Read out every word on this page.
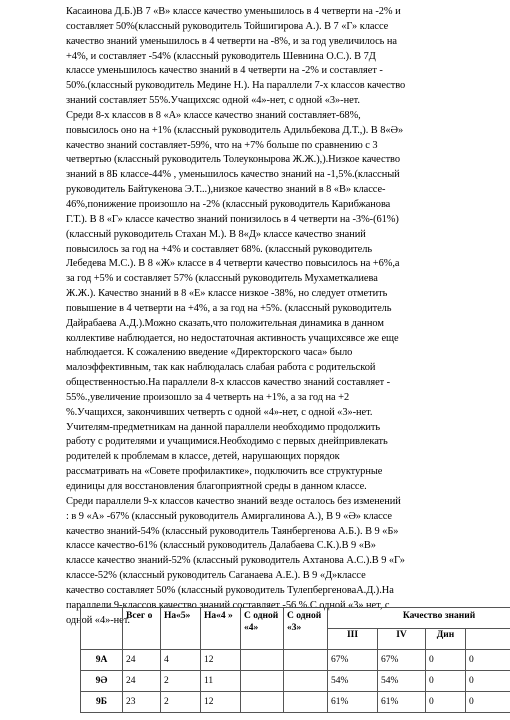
Касаинова Д.Б.)В 7 «В» классе качество уменьшилось в 4 четверти на -2% и
составляет 50%(классный руководитель Тойшигирова А.). В 7 «Г» классе
качество знаний уменьшилось в 4 четверти на -8%, и за год увеличилось на
+4%, и составляет -54% (классный руководитель Шевнина О.С.). В 7Д
классе уменьшилось качество знаний в 4 четверти на -2% и составляет -
50%.(классный руководитель Медине Н.). На параллели 7-х классов качество
знаний составляет 55%.Учащихсяс одной «4»-нет, с одной «3»-нет.
Среди 8-х классов в 8 «А» классе качество знаний составляет-68%,
повысилось оно на +1% (классный руководитель Адильбекова Д.Т.,). В 8«Ә»
качество знаний составляет-59%, что на +7% больше по сравнению с 3
четвертью (классный руководитель Толеуконырова Ж.Ж.),).Низкое качество
знаний в 8Б классе-44% , уменьшилось качество знаний на -1,5%.(классный
руководитель Байтукенова Э.Т...),низкое качество знаний в 8 «В» классе-
46%,понижение произошло на -2% (классный руководитель Карибжанова
Г.Т.). В 8 «Г» классе качество знаний понизилось в 4 четверти на -3%-(61%)
(классный руководитель Стахан М.). В 8«Д» классе качество знаний
повысилось за год на +4% и составляет 68%. (классный руководитель
Лебедева М.С.). В 8 «Ж» классе в 4 четверти качество повысилось на +6%,а
за год +5% и составляет 57% (классный руководитель Мухаметкалиева
Ж.Ж.). Качество знаний в 8 «Е» классе низкое -38%, но следует отметить
повышение в 4 четверти на +4%, а за год на +5%. (классный руководитель
Дайрабаева А.Д.).Можно сказать,что положительная динамика в данном
коллективе наблюдается, но недостаточная активность учащихсявсе же еще
наблюдается. К сожалению введение «Директорского часа» было
малоэффективным, так как наблюдалась слабая работа с родительской
общественностью.На параллели 8-х классов качество знаний составляет -
55%.,увеличение произошло за 4 четверть на +1%, а за год на +2
%.Учащихся, закончивших четверть с одной «4»-нет, с одной «3»-нет.
Учителям-предметникам на данной параллели необходимо продолжить
работу с родителями и учащимися.Необходимо с первых днейпривлекать
родителей к проблемам в классе, детей, нарушающих порядок
рассматривать на «Совете профилактике», подключить все структурные
единицы для восстановления благоприятной среды в данном классе.
Среди параллели 9-х классов качество знаний везде осталось без изменений
: в 9 «А» -67% (классный руководитель Амиргалинова А.), В 9 «Ә» классе
качество знаний-54% (классный руководитель Таянбергенова А.Б.). В 9 «Б»
классе качество-61% (классный руководитель Далабаева С.К.).В 9 «В»
классе качество знаний-52% (классный руководитель Ахтанова А.С.).В 9 «Г»
классе-52% (классный руководитель Саганаева А.Е.). В 9 «Д»классе
качество составляет 50% (классный руководитель ТулепбергеноваА.Д.).На
параллели 9-классов качество знаний составляет -56 %.С одной «3» нет, с
одной «4»-нет.
	Всег о	На«5»	На«4 »	С одной «4»	С одной «3»	Качество знаний			
						III	IV	Дин	
9А	24	4	12			67%	67%	0	0
9Ә	24	2	11			54%	54%	0	0
9Б	23	2	12			61%	61%	0	0
